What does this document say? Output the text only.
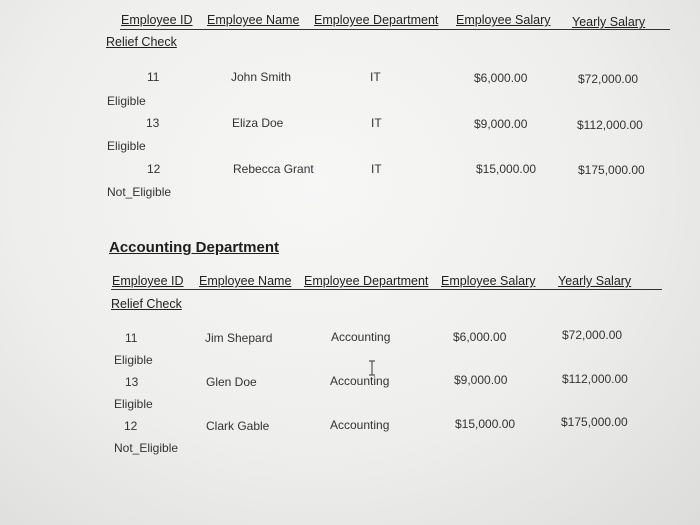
Employee ID Employee Name Employee Department Employee Salary Yearly Salary
Relief Check
11	John Smith	IT	$6,000.00	$72,000.00
Eligible
13	Eliza Doe	IT	$9,000.00	$112,000.00
Eligible
12	Rebecca Grant	IT	$15,000.00	$175,000.00
Not_Eligible
Accounting Department
Employee ID Employee Name Employee Department Employee Salary Yearly Salary
Relief Check
11	Jim Shepard	Accounting	$6,000.00	$72,000.00
Eligible
13	Glen Doe	Accounting	$9,000.00	$112,000.00
Eligible
12	Clark Gable	Accounting	$15,000.00	$175,000.00
Not_Eligible
